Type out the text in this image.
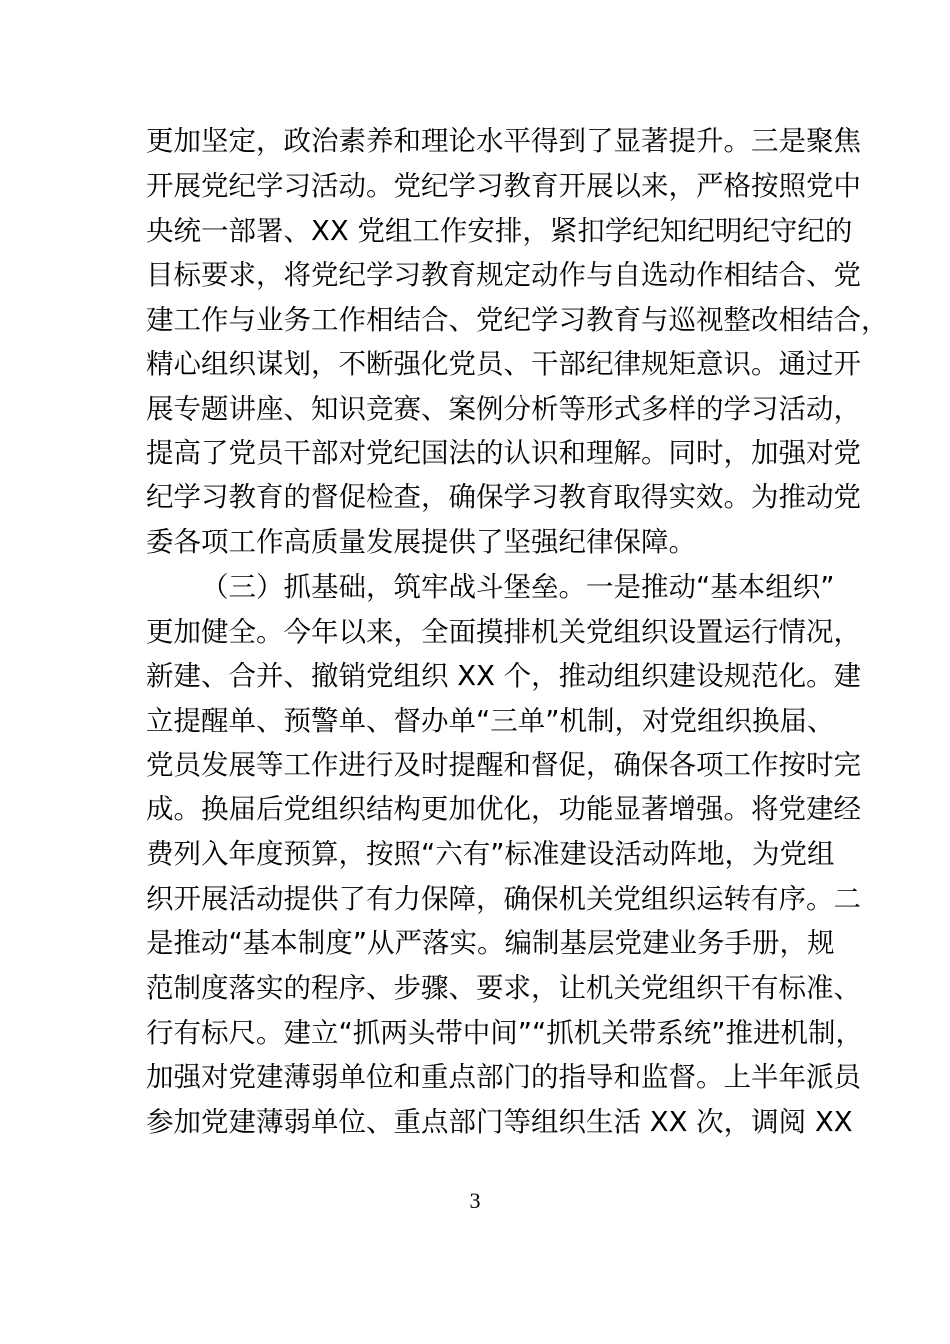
更加坚定，政治素养和理论水平得到了显著提升。三是聚焦
开展党纪学习活动。党纪学习教育开展以来，严格按照党中
央统一部署、XX 党组工作安排，紧扣学纪知纪明纪守纪的
目标要求，将党纪学习教育规定动作与自选动作相结合、党
建工作与业务工作相结合、党纪学习教育与巡视整改相结合，
精心组织谋划，不断强化党员、干部纪律规矩意识。通过开
展专题讲座、知识竞赛、案例分析等形式多样的学习活动，
提高了党员干部对党纪国法的认识和理解。同时，加强对党
纪学习教育的督促检查，确保学习教育取得实效。为推动党
委各项工作高质量发展提供了坚强纪律保障。
（三）抓基础，筑牢战斗堡垒。一是推动“基本组织”
更加健全。今年以来，全面摸排机关党组织设置运行情况，
新建、合并、撤销党组织 XX 个，推动组织建设规范化。建
立提醒单、预警单、督办单“三单”机制，对党组织换届、
党员发展等工作进行及时提醒和督促，确保各项工作按时完
成。换届后党组织结构更加优化，功能显著增强。将党建经
费列入年度预算，按照“六有”标准建设活动阵地，为党组
织开展活动提供了有力保障，确保机关党组织运转有序。二
是推动“基本制度”从严落实。编制基层党建业务手册，规
范制度落实的程序、步骤、要求，让机关党组织干有标准、
行有标尺。建立“抓两头带中间”“抓机关带系统”推进机制，
加强对党建薄弱单位和重点部门的指导和监督。上半年派员
参加党建薄弱单位、重点部门等组织生活 XX 次，调阅 XX
3
